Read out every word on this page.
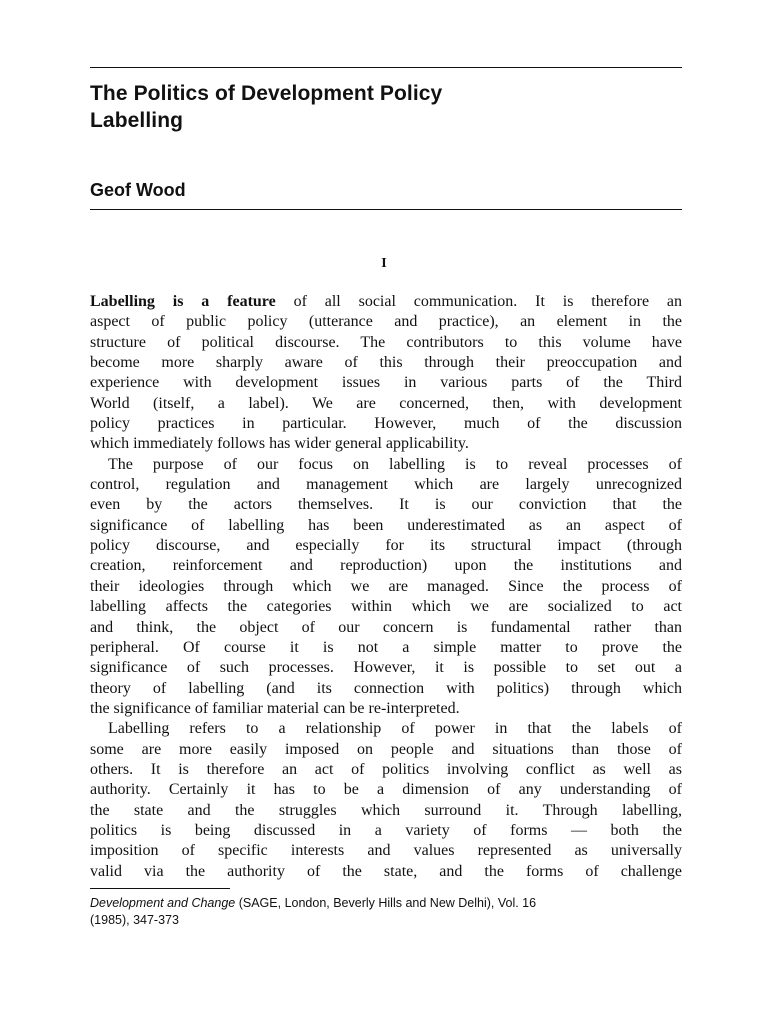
The Politics of Development Policy
Labelling
Geof Wood
I
Labelling is a feature of all social communication. It is therefore an
aspect of public policy (utterance and practice), an element in the
structure of political discourse. The contributors to this volume have
become more sharply aware of this through their preoccupation and
experience with development issues in various parts of the Third
World (itself, a label). We are concerned, then, with development
policy practices in particular. However, much of the discussion
which immediately follows has wider general applicability.
The purpose of our focus on labelling is to reveal processes of
control, regulation and management which are largely unrecognized
even by the actors themselves. It is our conviction that the
significance of labelling has been underestimated as an aspect of
policy discourse, and especially for its structural impact (through
creation, reinforcement and reproduction) upon the institutions and
their ideologies through which we are managed. Since the process of
labelling affects the categories within which we are socialized to act
and think, the object of our concern is fundamental rather than
peripheral. Of course it is not a simple matter to prove the
significance of such processes. However, it is possible to set out a
theory of labelling (and its connection with politics) through which
the significance of familiar material can be re-interpreted.
Labelling refers to a relationship of power in that the labels of
some are more easily imposed on people and situations than those of
others. It is therefore an act of politics involving conflict as well as
authority. Certainly it has to be a dimension of any understanding of
the state and the struggles which surround it. Through labelling,
politics is being discussed in a variety of forms — both the
imposition of specific interests and values represented as universally
valid via the authority of the state, and the forms of challenge
Development and Change (SAGE, London, Beverly Hills and New Delhi), Vol. 16
(1985), 347-373
